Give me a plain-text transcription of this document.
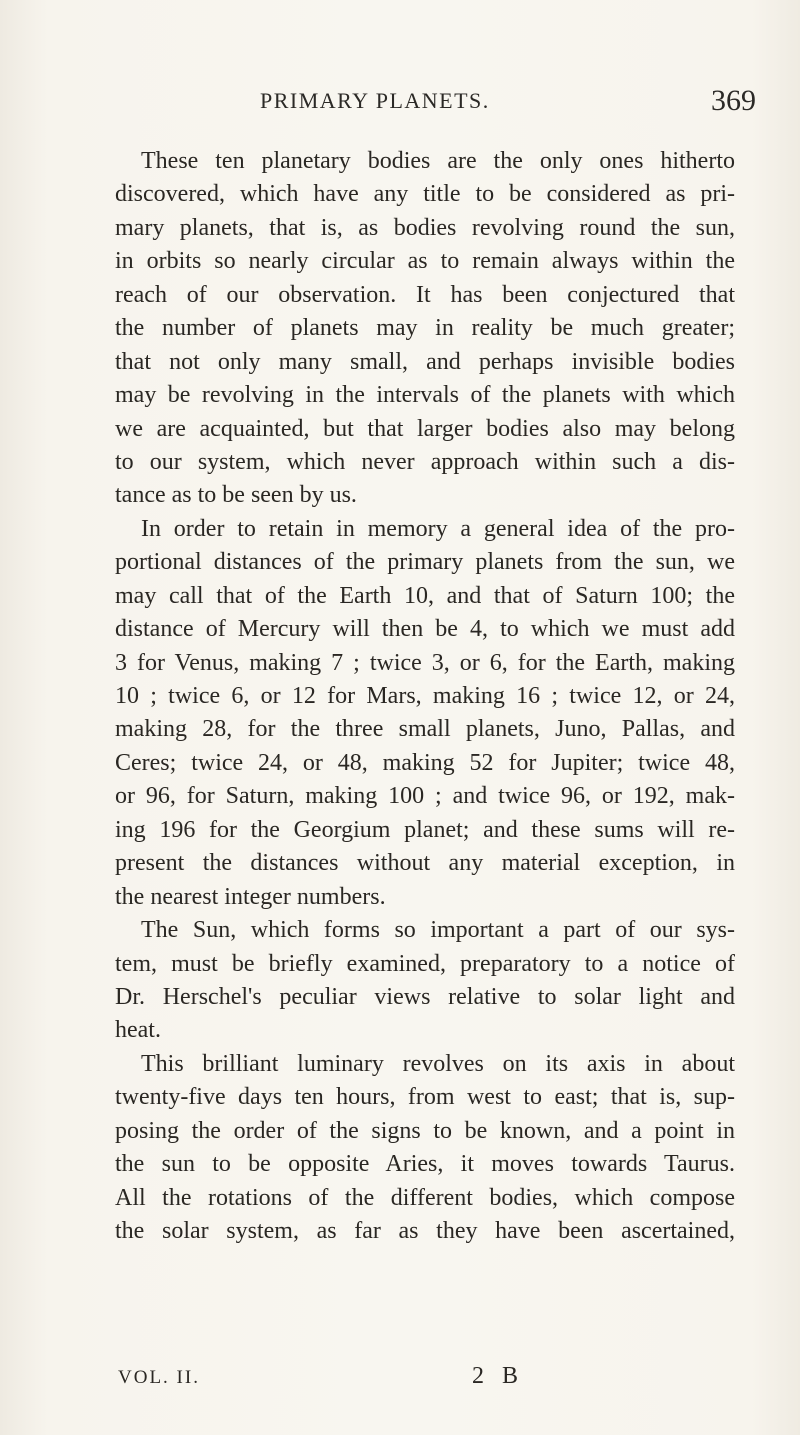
PRIMARY PLANETS.	369
These ten planetary bodies are the only ones hitherto
discovered, which have any title to be considered as pri-
mary planets, that is, as bodies revolving round the sun,
in orbits so nearly circular as to remain always within the
reach of our observation. It has been conjectured that
the number of planets may in reality be much greater;
that not only many small, and perhaps invisible bodies
may be revolving in the intervals of the planets with which
we are acquainted, but that larger bodies also may belong
to our system, which never approach within such a dis-
tance as to be seen by us.
In order to retain in memory a general idea of the pro-
portional distances of the primary planets from the sun, we
may call that of the Earth 10, and that of Saturn 100; the
distance of Mercury will then be 4, to which we must add
3 for Venus, making 7 ; twice 3, or 6, for the Earth, making
10 ; twice 6, or 12 for Mars, making 16 ; twice 12, or 24,
making 28, for the three small planets, Juno, Pallas, and
Ceres; twice 24, or 48, making 52 for Jupiter; twice 48,
or 96, for Saturn, making 100 ; and twice 96, or 192, mak-
ing 196 for the Georgium planet; and these sums will re-
present the distances without any material exception, in
the nearest integer numbers.
The Sun, which forms so important a part of our sys-
tem, must be briefly examined, preparatory to a notice of
Dr. Herschel's peculiar views relative to solar light and
heat.
This brilliant luminary revolves on its axis in about
twenty-five days ten hours, from west to east; that is, sup-
posing the order of the signs to be known, and a point in
the sun to be opposite Aries, it moves towards Taurus.
All the rotations of the different bodies, which compose
the solar system, as far as they have been ascertained,
VOL. II.	2 B
